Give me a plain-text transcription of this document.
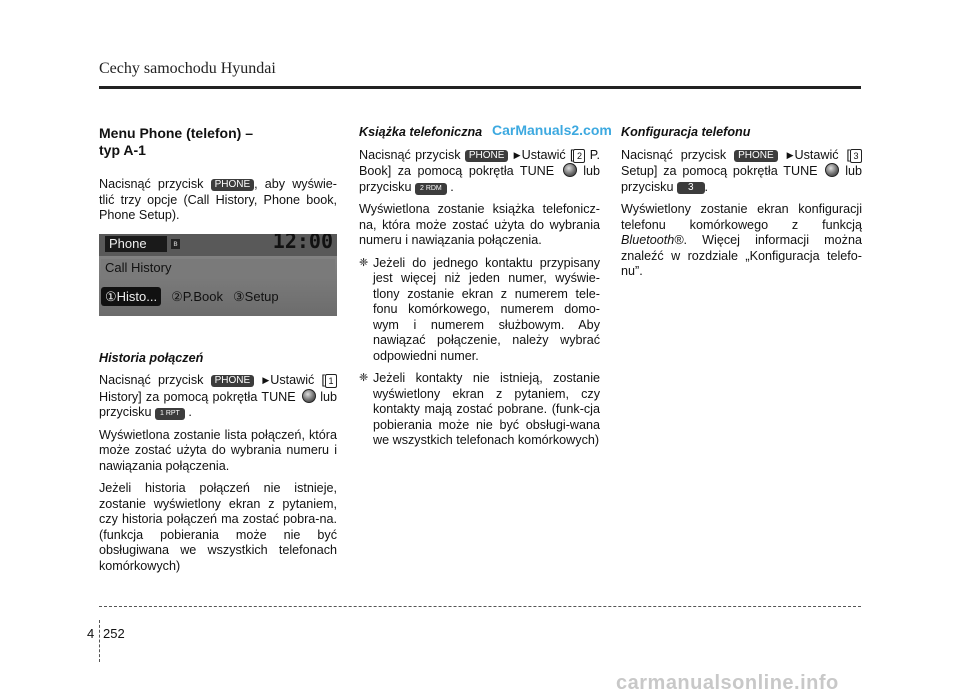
Cechy samochodu Hyundai
Menu Phone (telefon) –
typ A-1

Nacisnąć przycisk PHONE , aby wyświe-tlić trzy opcje (Call History, Phone book, Phone Setup).

Phone	ʙ	12:00
Call History
①Histo...	②P.Book ③Setup
Historia połączeń

Nacisnąć przycisk PHONE ▶Ustawić [ 1 History] za pomocą pokrętła TUNE lub przycisku 1 RPT .

Wyświetlona zostanie lista połączeń, która może zostać użyta do wybrania numeru i nawiązania połączenia.

Jeżeli historia połączeń nie istnieje, zostanie wyświetlony ekran z pytaniem, czy historia połączeń ma zostać pobra-na. (funkcja pobierania może nie być obsługiwana we wszystkich telefonach komórkowych)

Książka telefoniczna

Nacisnąć przycisk PHONE ▶Ustawić [ 2 P. Book] za pomocą pokrętła TUNE lub przycisku 2 RDM .

Wyświetlona zostanie książka telefonicz-na, która może zostać użyta do wybrania numeru i nawiązania połączenia.

❈ Jeżeli do jednego kontaktu przypisany jest więcej niż jeden numer, wyświe-tlony zostanie ekran z numerem tele-fonu komórkowego, numerem domo-wym i numerem służbowym. Aby nawiązać połączenie, należy wybrać odpowiedni numer.
❈ Jeżeli kontakty nie istnieją, zostanie wyświetlony ekran z pytaniem, czy kontakty mają zostać pobrane. (funk-cja pobierania może nie być obsługi-wana we wszystkich telefonach komórkowych)
Konfiguracja telefonu

Nacisnąć przycisk PHONE ▶Ustawić [ 3 Setup] za pomocą pokrętła TUNE lub przycisku 3 .

Wyświetlony zostanie ekran konfiguracji telefonu komórkowego z funkcją Bluetooth®. Więcej informacji można znaleźć w rozdziale „Konfiguracja telefo-nu”.

CarManuals2.com
4 252
carmanualsonline.info
